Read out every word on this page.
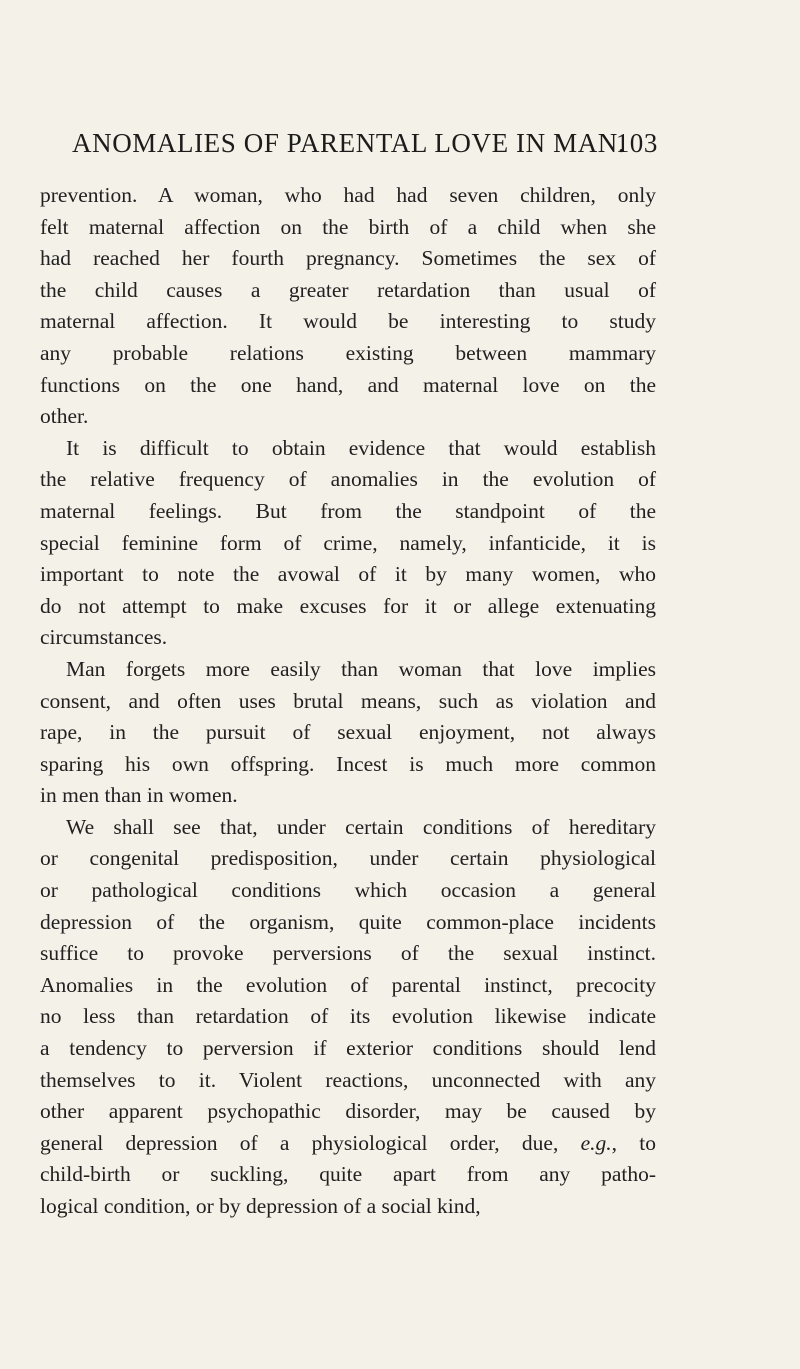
ANOMALIES OF PARENTAL LOVE IN MAN.
103

prevention. A woman, who had had seven children, only
felt maternal affection on the birth of a child when she
had reached her fourth pregnancy. Sometimes the sex of
the child causes a greater retardation than usual of
maternal affection. It would be interesting to study
any probable relations existing between mammary
functions on the one hand, and maternal love on the
other.

It is difficult to obtain evidence that would establish
the relative frequency of anomalies in the evolution of
maternal feelings. But from the standpoint of the
special feminine form of crime, namely, infanticide, it is
important to note the avowal of it by many women, who
do not attempt to make excuses for it or allege extenuating
circumstances.

Man forgets more easily than woman that love implies
consent, and often uses brutal means, such as violation and
rape, in the pursuit of sexual enjoyment, not always
sparing his own offspring. Incest is much more common
in men than in women.

We shall see that, under certain conditions of hereditary
or congenital predisposition, under certain physiological
or pathological conditions which occasion a general
depression of the organism, quite common-place incidents
suffice to provoke perversions of the sexual instinct.
Anomalies in the evolution of parental instinct, precocity
no less than retardation of its evolution likewise indicate
a tendency to perversion if exterior conditions should lend
themselves to it. Violent reactions, unconnected with any
other apparent psychopathic disorder, may be caused by
general depression of a physiological order, due, e.g., to
child-birth or suckling, quite apart from any patho-
logical condition, or by depression of a social kind,
